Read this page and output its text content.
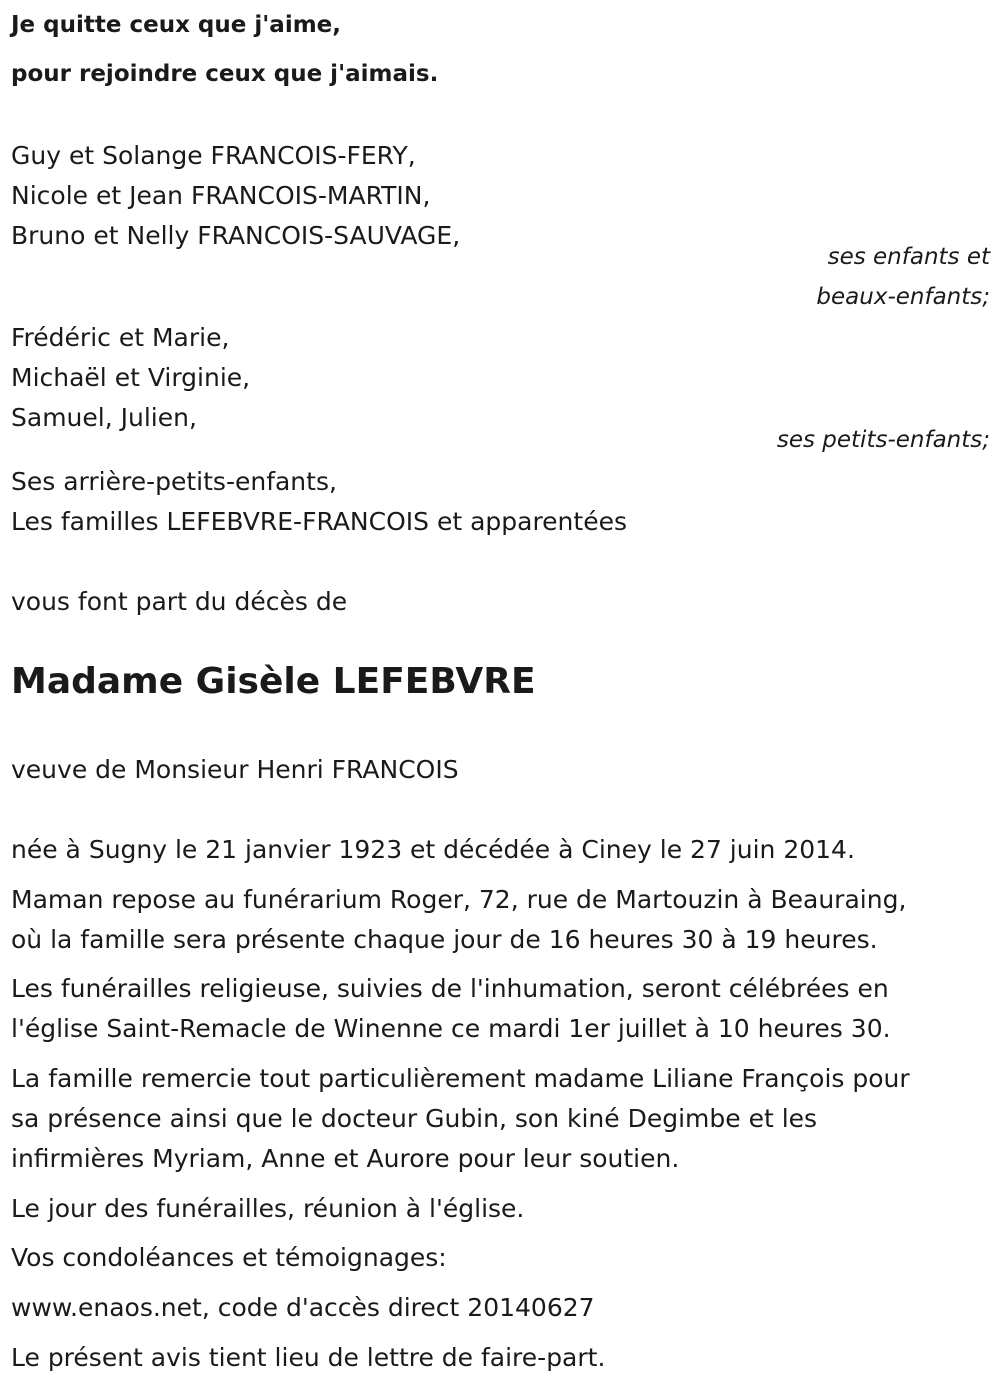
Je quitte ceux que j'aime,
pour rejoindre ceux que j'aimais.
Guy et Solange FRANCOIS-FERY,
Nicole et Jean FRANCOIS-MARTIN,
Bruno et Nelly FRANCOIS-SAUVAGE,
ses enfants et
beaux-enfants;
Frédéric et Marie,
Michaël et Virginie,
Samuel, Julien,
ses petits-enfants;
Ses arrière-petits-enfants,
Les familles LEFEBVRE-FRANCOIS et apparentées
vous font part du décès de
Madame Gisèle LEFEBVRE
veuve de Monsieur Henri FRANCOIS
née à Sugny le 21 janvier 1923 et décédée à Ciney le 27 juin 2014.
Maman repose au funérarium Roger, 72, rue de Martouzin à Beauraing,
où la famille sera présente chaque jour de 16 heures 30 à 19 heures.
Les funérailles religieuse, suivies de l'inhumation, seront célébrées en
l'église Saint-Remacle de Winenne ce mardi 1er juillet à 10 heures 30.
La famille remercie tout particulièrement madame Liliane François pour
sa présence ainsi que le docteur Gubin, son kiné Degimbe et les
infirmières Myriam, Anne et Aurore pour leur soutien.
Le jour des funérailles, réunion à l'église.
Vos condoléances et témoignages:
www.enaos.net, code d'accès direct 20140627
Le présent avis tient lieu de lettre de faire-part.
